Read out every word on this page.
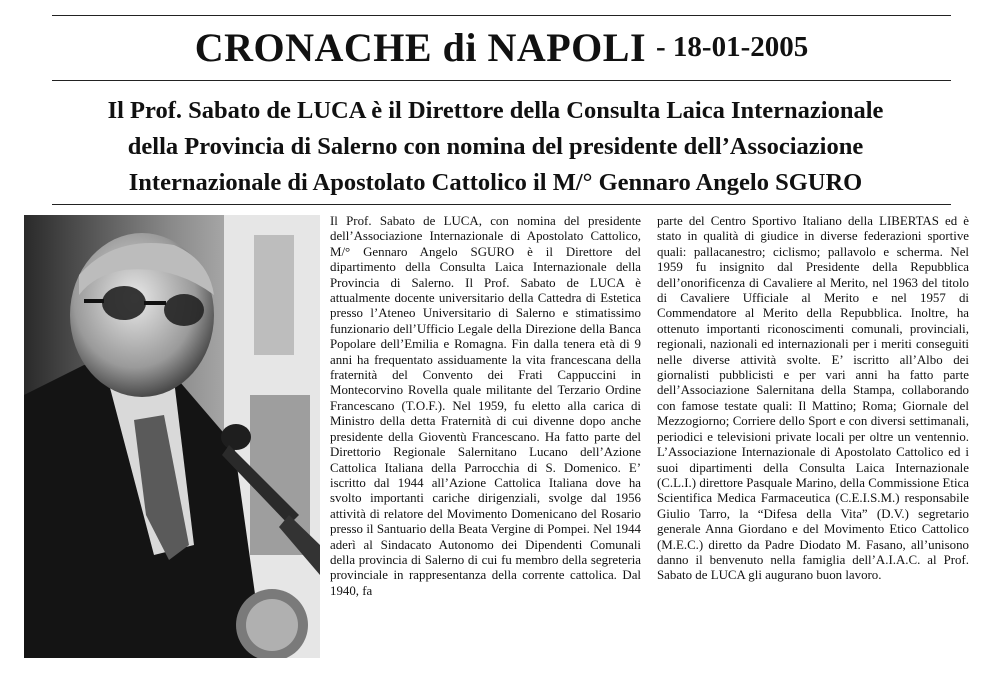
CRONACHE di NAPOLI - 18-01-2005
Il Prof. Sabato de LUCA è il Direttore della Consulta Laica Internazionale
della Provincia di Salerno con nomina del presidente dell’Associazione
Internazionale di Apostolato Cattolico il M/° Gennaro Angelo SGURO

Il Prof. Sabato de LUCA, con nomina del presidente dell’Associazione Internazionale di Apostolato Cattolico, M/° Gennaro Angelo SGURO è il Direttore del dipartimento della Consulta Laica Internazionale della Provincia di Salerno. Il Prof. Sabato de LUCA è attualmente docente universitario della Cattedra di Estetica presso l’Ateneo Universitario di Salerno e stimatissimo funzionario dell’Ufficio Legale della Direzione della Banca Popolare dell’Emilia e Romagna. Fin dalla tenera età di 9 anni ha frequentato assiduamente la vita francescana della fraternità del Convento dei Frati Cappuccini in Montecorvino Rovella quale militante del Terzario Ordine Francescano (T.O.F.). Nel 1959, fu eletto alla carica di Ministro della detta Fraternità di cui divenne dopo anche presidente della Gioventù Francescano. Ha fatto parte del Direttorio Regionale Salernitano Lucano dell’Azione Cattolica Italiana della Parrocchia di S. Domenico. E’ iscritto dal 1944 all’Azione Cattolica Italiana dove ha svolto importanti cariche dirigenziali, svolge dal 1956 attività di relatore del Movimento Domenicano del Rosario presso il Santuario della Beata Vergine di Pompei. Nel 1944 aderì al Sindacato Autonomo dei Dipendenti Comunali della provincia di Salerno di cui fu membro della segreteria provinciale in rappresentanza della corrente cattolica. Dal 1940, fa

parte del Centro Sportivo Italiano della LIBERTAS ed è stato in qualità di giudice in diverse federazioni sportive quali: pallacanestro; ciclismo; pallavolo e scherma. Nel 1959 fu insignito dal Presidente della Repubblica dell’onorificenza di Cavaliere al Merito, nel 1963 del titolo di Cavaliere Ufficiale al Merito e nel 1957 di Commendatore al Merito della Repubblica. Inoltre, ha ottenuto importanti riconoscimenti comunali, provinciali, regionali, nazionali ed internazionali per i meriti conseguiti nelle diverse attività svolte. E’ iscritto all’Albo dei giornalisti pubblicisti e per vari anni ha fatto parte dell’Associazione Salernitana della Stampa, collaborando con famose testate quali: Il Mattino; Roma; Giornale del Mezzogiorno; Corriere dello Sport e con diversi settimanali, periodici e televisioni private locali per oltre un ventennio. L’Associazione Internazionale di Apostolato Cattolico ed i suoi dipartimenti della Consulta Laica Internazionale (C.L.I.) direttore Pasquale Marino, della Commissione Etica Scientifica Medica Farmaceutica (C.E.I.S.M.) responsabile Giulio Tarro, la “Difesa della Vita” (D.V.) segretario generale Anna Giordano e del Movimento Etico Cattolico (M.E.C.) diretto da Padre Diodato M. Fasano, all’unisono danno il benvenuto nella famiglia dell’A.I.A.C. al Prof. Sabato de LUCA gli augurano buon lavoro.
